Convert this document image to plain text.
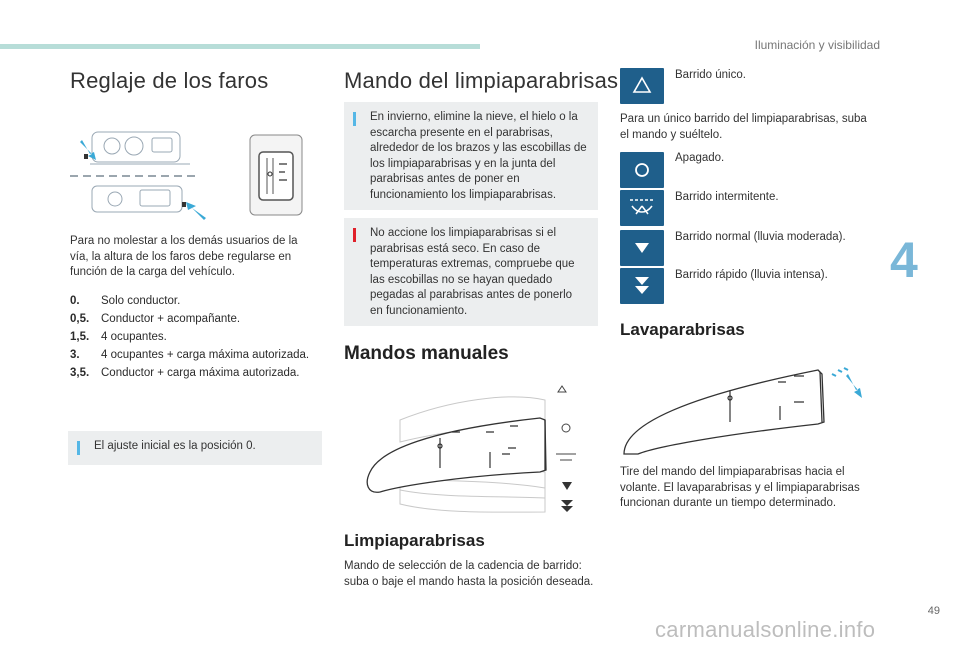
Iluminación y visibilidad
Reglaje de los faros
Para no molestar a los demás usuarios de la vía, la altura de los faros debe regularse en función de la carga del vehículo.
0. Solo conductor.
0,5. Conductor + acompañante.
1,5. 4 ocupantes.
3. 4 ocupantes + carga máxima autorizada.
3,5. Conductor + carga máxima autorizada.
El ajuste inicial es la posición 0.
Mando del limpiaparabrisas
En invierno, elimine la nieve, el hielo o la escarcha presente en el parabrisas, alrededor de los brazos y las escobillas de los limpiaparabrisas y en la junta del parabrisas antes de poner en funcionamiento los limpiaparabrisas.
No accione los limpiaparabrisas si el parabrisas está seco. En caso de temperaturas extremas, compruebe que las escobillas no se hayan quedado pegadas al parabrisas antes de ponerlo en funcionamiento.
Mandos manuales
Limpiaparabrisas
Mando de selección de la cadencia de barrido: suba o baje el mando hasta la posición deseada.
Barrido único.
Para un único barrido del limpiaparabrisas, suba el mando y suéltelo.
Apagado.
Barrido intermitente.
Barrido normal (lluvia moderada).
Barrido rápido (lluvia intensa).
Lavaparabrisas
Tire del mando del limpiaparabrisas hacia el volante. El lavaparabrisas y el limpiaparabrisas funcionan durante un tiempo determinado.
4
49
carmanualsonline.info
